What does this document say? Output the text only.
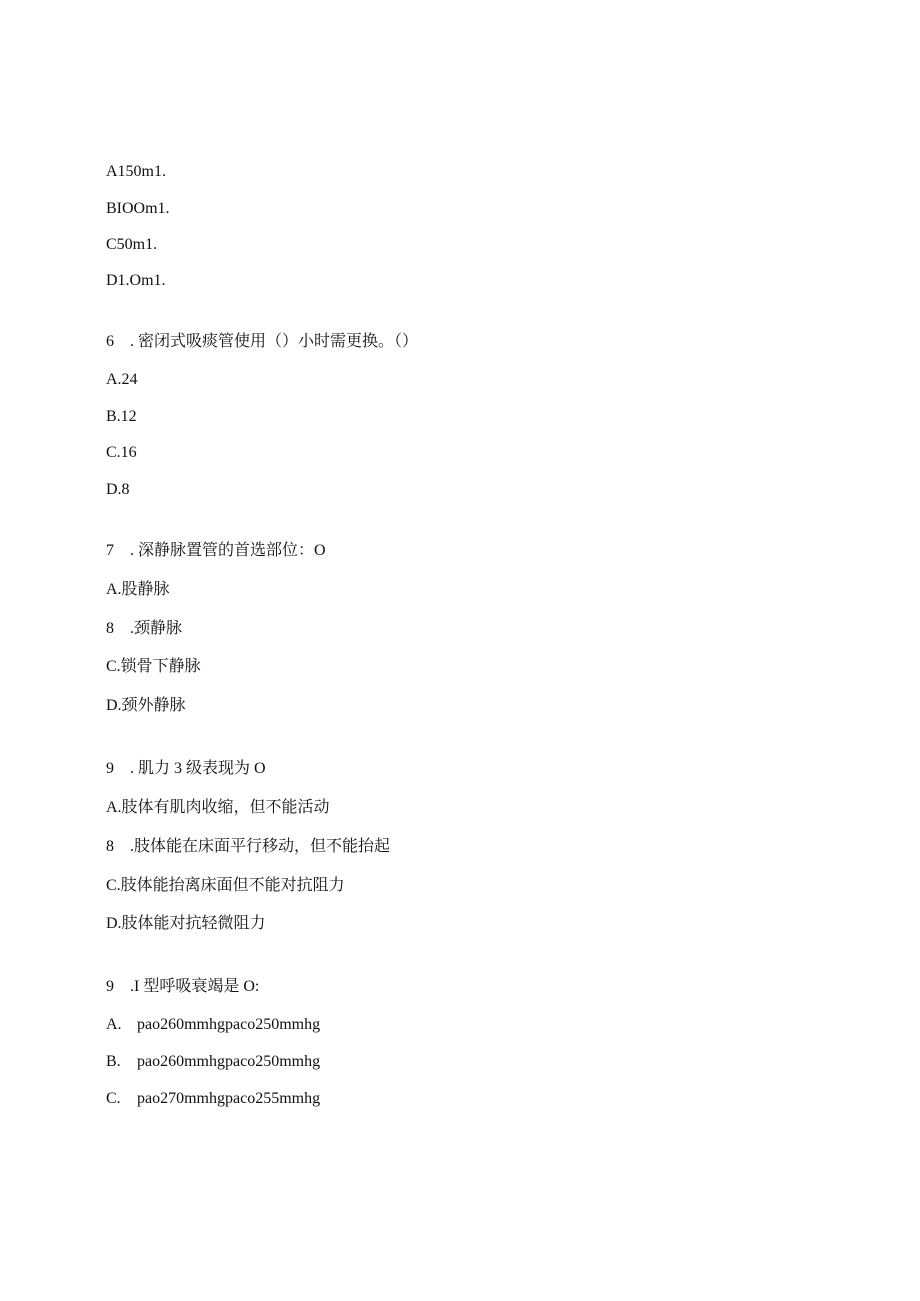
A150m1.
BIOOm1.
C50m1.
D1.Om1.
6 . 密闭式吸痰管使用（）小时需更换。（）
A.24
B.12
C.16
D.8
7 . 深静脉置管的首选部位：O
A.股静脉
8 .颈静脉
C.锁骨下静脉
D.颈外静脉
9 . 肌力 3 级表现为 O
A.肢体有肌肉收缩，但不能活动
8 .肢体能在床面平行移动，但不能抬起
C.肢体能抬离床面但不能对抗阻力
D.肢体能对抗轻微阻力
9 .I 型呼吸衰竭是 O:
A. pao260mmhgpaco250mmhg
B. pao260mmhgpaco250mmhg
C. pao270mmhgpaco255mmhg
